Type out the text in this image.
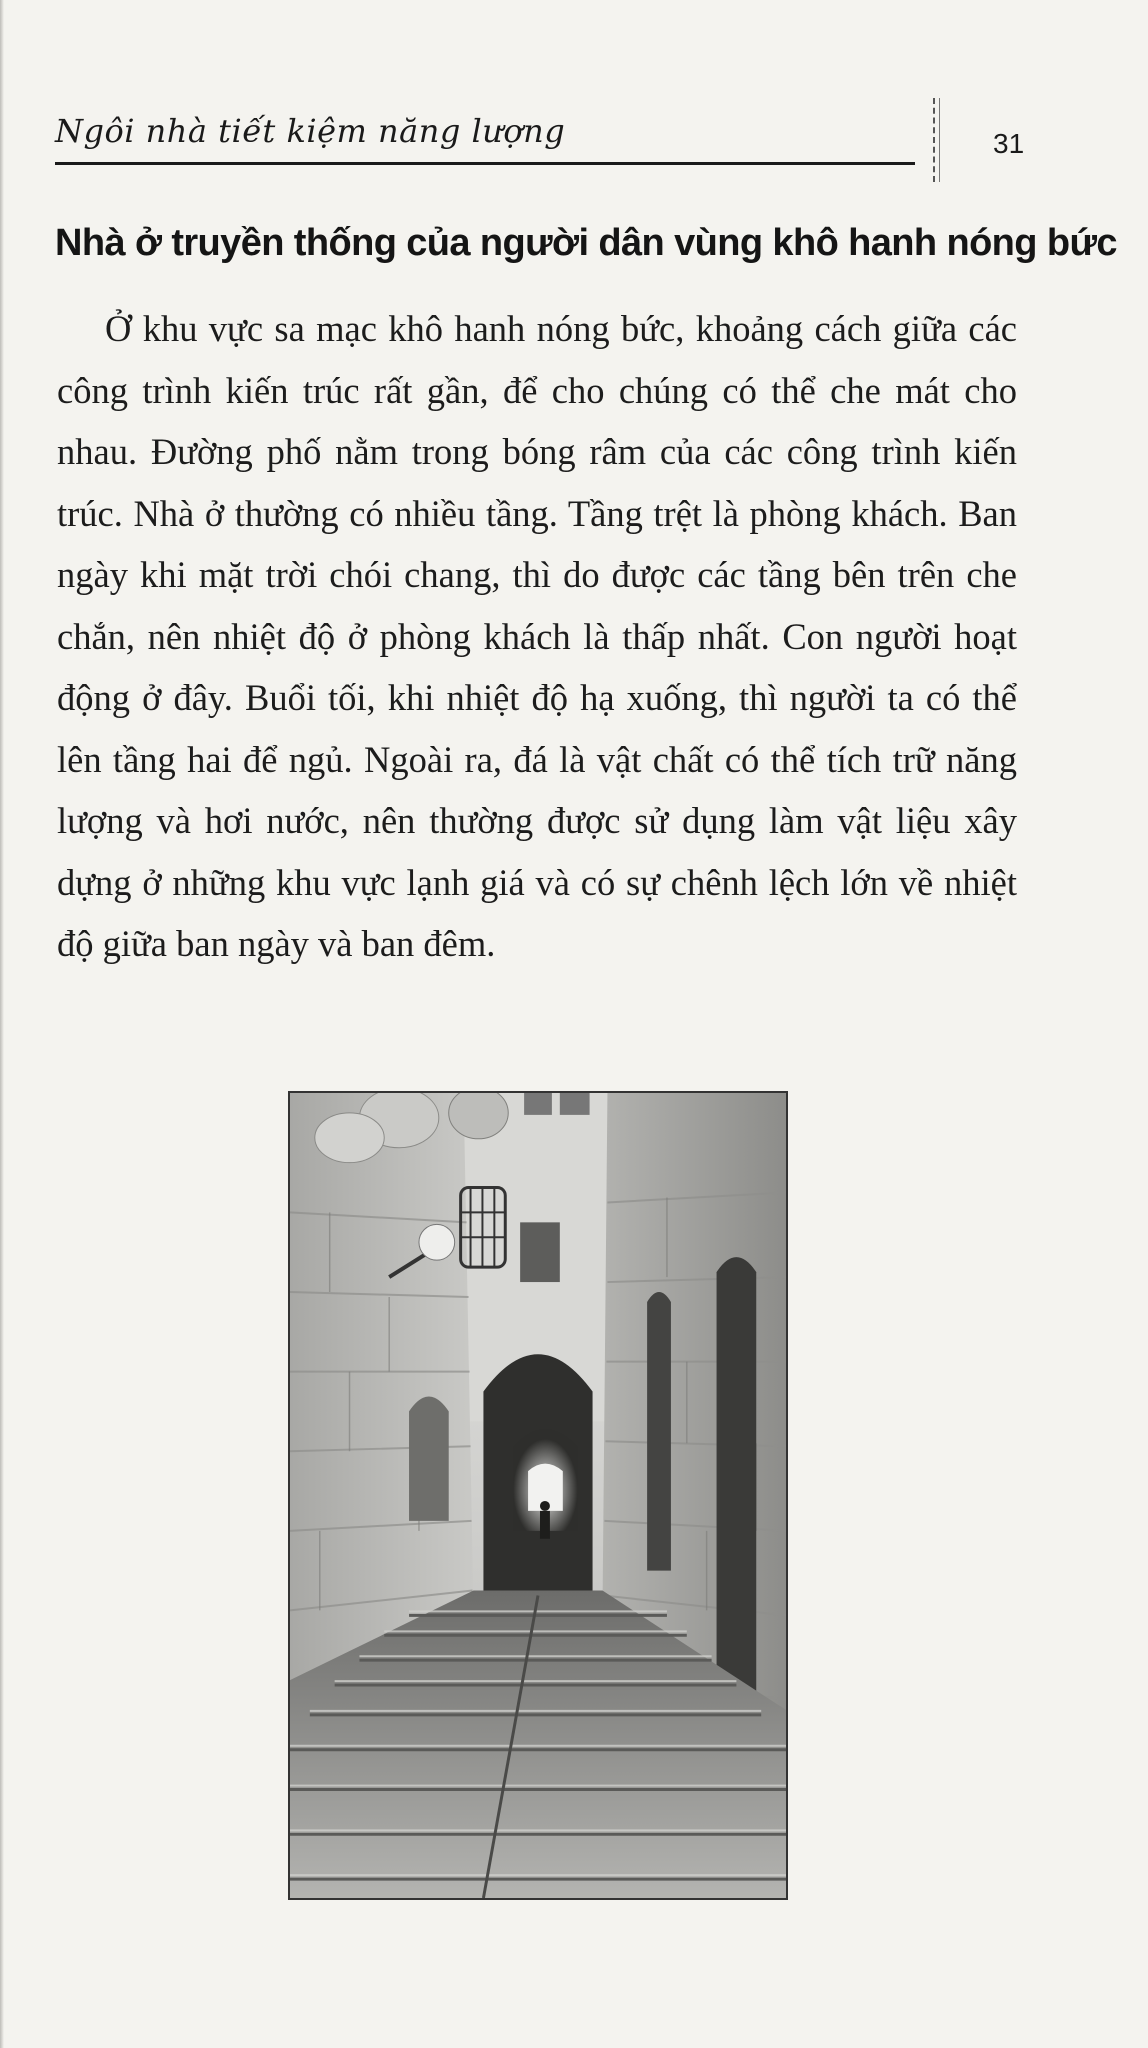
Ngôi nhà tiết kiệm năng lượng	31
Nhà ở truyền thống của người dân vùng khô hanh nóng bức

Ở khu vực sa mạc khô hanh nóng bức, khoảng cách giữa các công trình kiến trúc rất gần, để cho chúng có thể che mát cho nhau. Đường phố nằm trong bóng râm của các công trình kiến trúc. Nhà ở thường có nhiều tầng. Tầng trệt là phòng khách. Ban ngày khi mặt trời chói chang, thì do được các tầng bên trên che chắn, nên nhiệt độ ở phòng khách là thấp nhất. Con người hoạt động ở đây. Buổi tối, khi nhiệt độ hạ xuống, thì người ta có thể lên tầng hai để ngủ. Ngoài ra, đá là vật chất có thể tích trữ năng lượng và hơi nước, nên thường được sử dụng làm vật liệu xây dựng ở những khu vực lạnh giá và có sự chênh lệch lớn về nhiệt độ giữa ban ngày và ban đêm.
